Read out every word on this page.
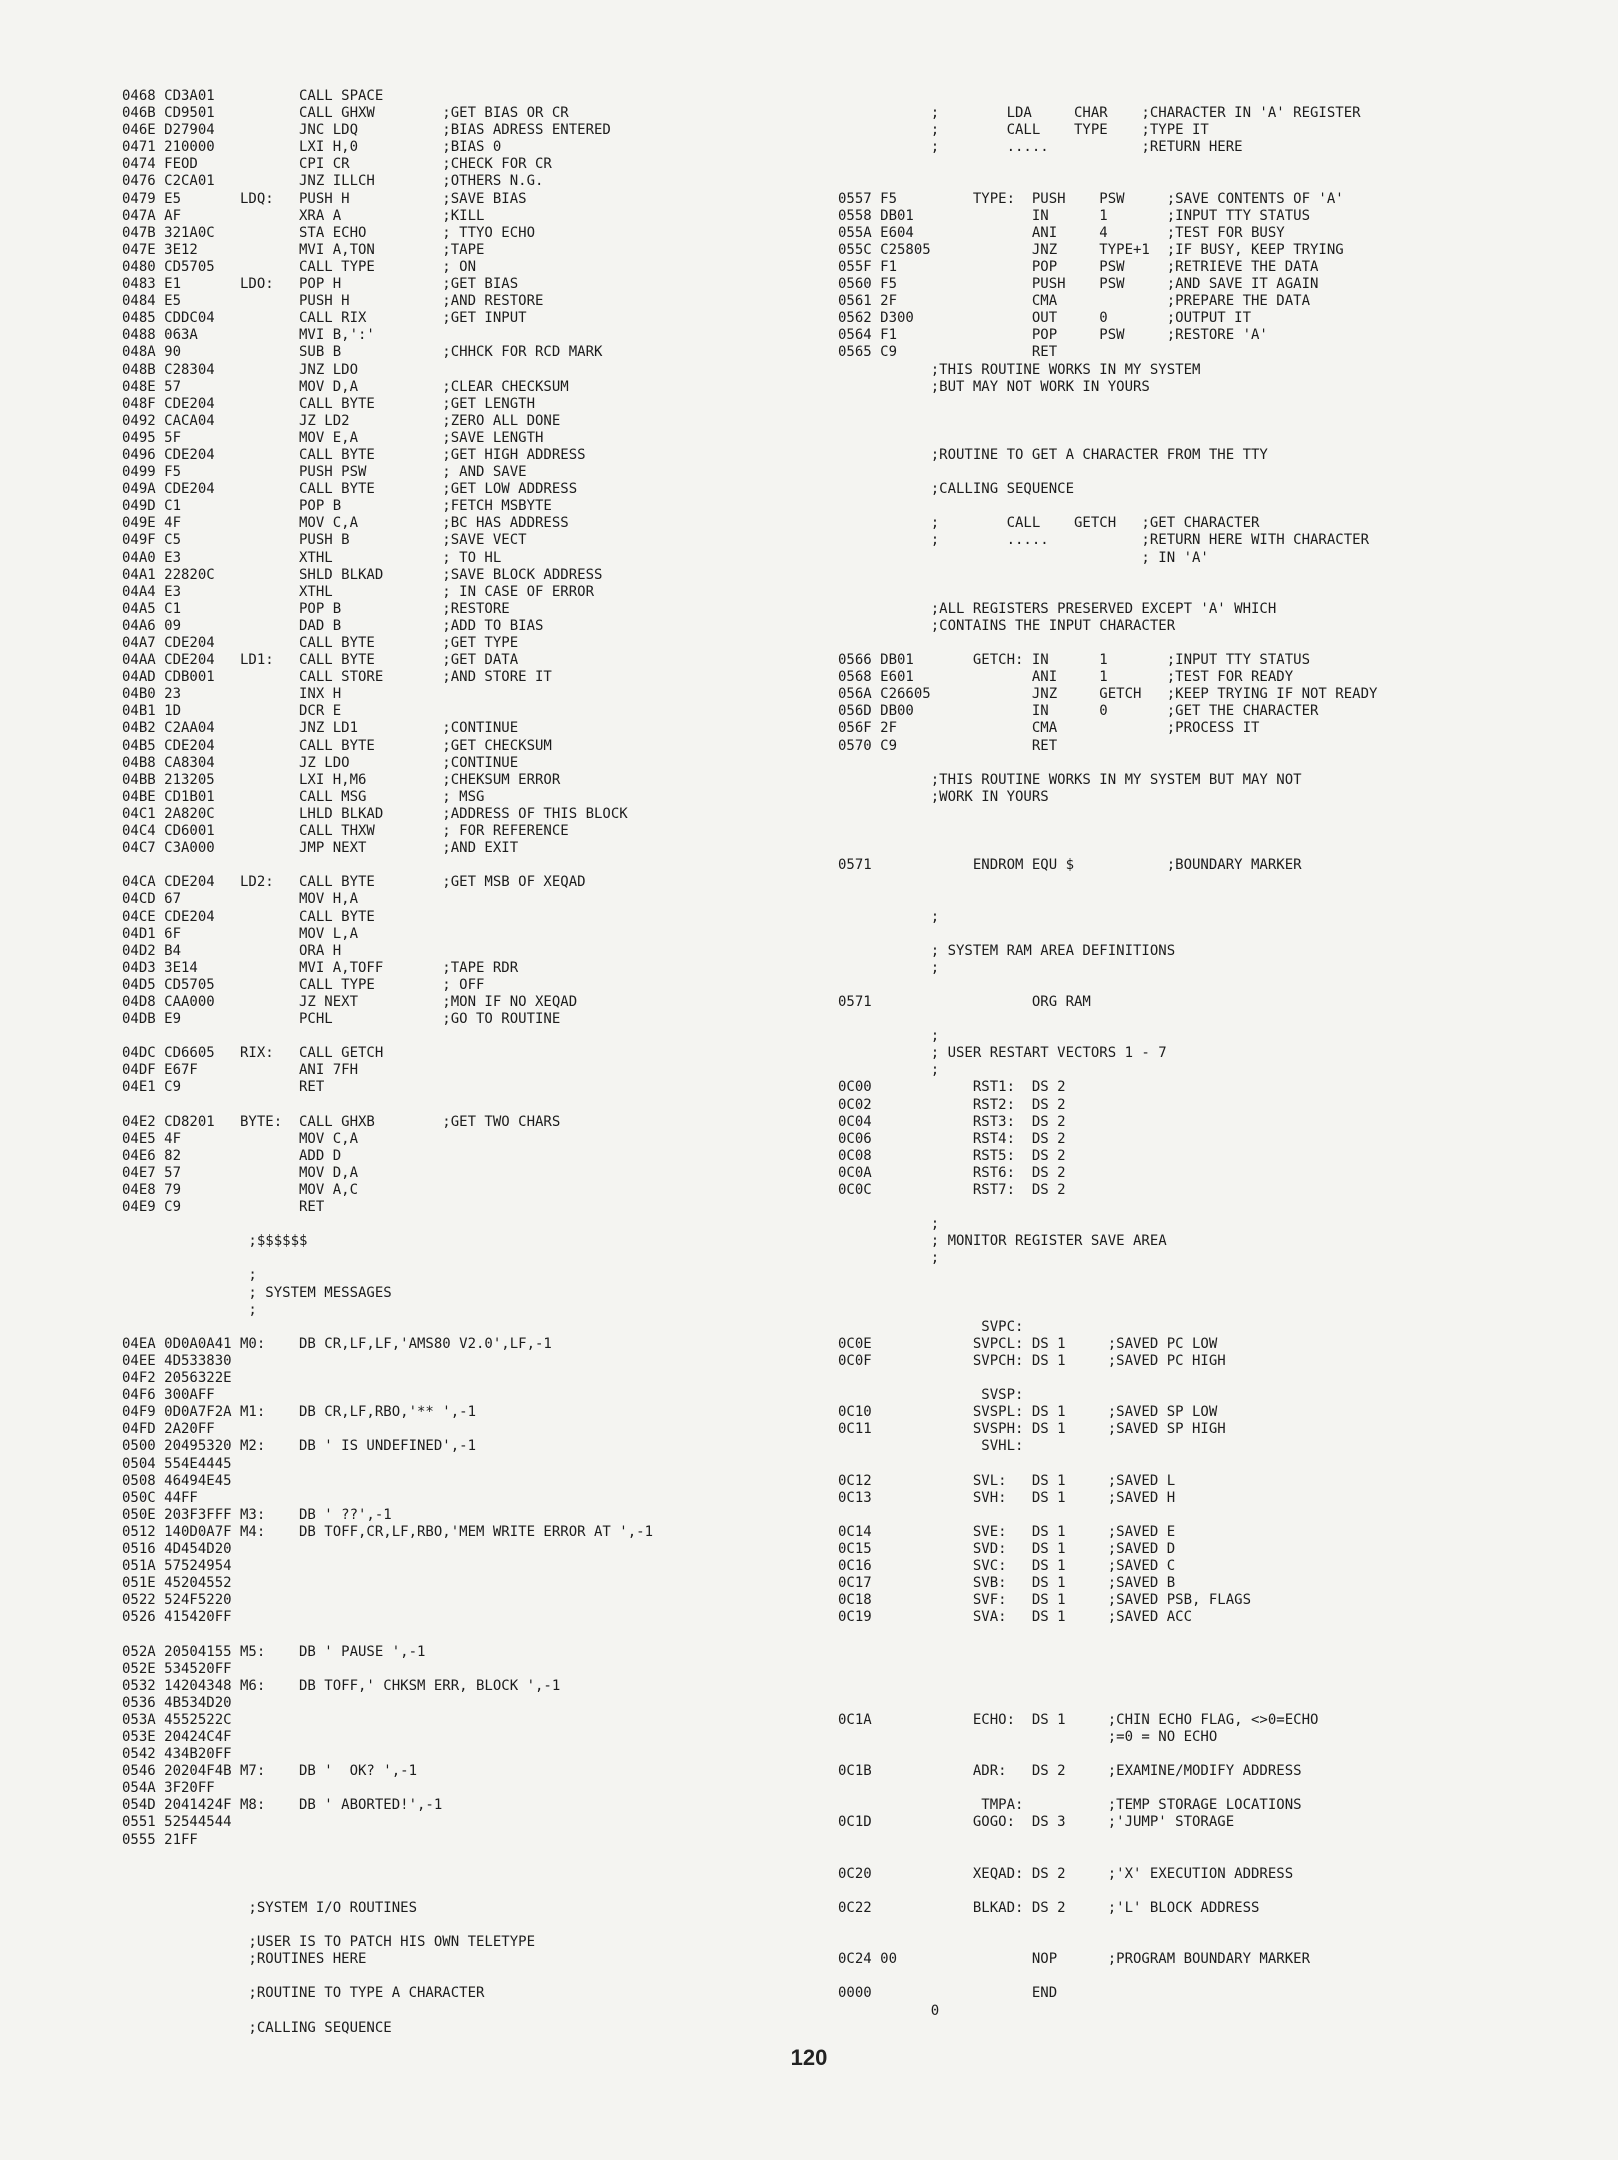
0468 CD3A01          CALL SPACE
046B CD9501          CALL GHXW        ;GET BIAS OR CR
046E D27904          JNC LDQ          ;BIAS ADRESS ENTERED
0471 210000          LXI H,0          ;BIAS 0
0474 FEOD            CPI CR           ;CHECK FOR CR
0476 C2CA01          JNZ ILLCH        ;OTHERS N.G.
0479 E5       LDQ:   PUSH H           ;SAVE BIAS
047A AF              XRA A            ;KILL
047B 321A0C          STA ECHO         ; TTYO ECHO
047E 3E12            MVI A,TON        ;TAPE
0480 CD5705          CALL TYPE        ; ON
0483 E1       LDO:   POP H            ;GET BIAS
0484 E5              PUSH H           ;AND RESTORE
0485 CDDC04          CALL RIX         ;GET INPUT
0488 063A            MVI B,':'
048A 90              SUB B            ;CHHCK FOR RCD MARK
048B C28304          JNZ LDO
048E 57              MOV D,A          ;CLEAR CHECKSUM
048F CDE204          CALL BYTE        ;GET LENGTH
0492 CACA04          JZ LD2           ;ZERO ALL DONE
0495 5F              MOV E,A          ;SAVE LENGTH
0496 CDE204          CALL BYTE        ;GET HIGH ADDRESS
0499 F5              PUSH PSW         ; AND SAVE
049A CDE204          CALL BYTE        ;GET LOW ADDRESS
049D C1              POP B            ;FETCH MSBYTE
049E 4F              MOV C,A          ;BC HAS ADDRESS
049F C5              PUSH B           ;SAVE VECT
04A0 E3              XTHL             ; TO HL
04A1 22820C          SHLD BLKAD       ;SAVE BLOCK ADDRESS
04A4 E3              XTHL             ; IN CASE OF ERROR
04A5 C1              POP B            ;RESTORE
04A6 09              DAD B            ;ADD TO BIAS
04A7 CDE204          CALL BYTE        ;GET TYPE
04AA CDE204   LD1:   CALL BYTE        ;GET DATA
04AD CDB001          CALL STORE       ;AND STORE IT
04B0 23              INX H
04B1 1D              DCR E
04B2 C2AA04          JNZ LD1          ;CONTINUE
04B5 CDE204          CALL BYTE        ;GET CHECKSUM
04B8 CA8304          JZ LDO           ;CONTINUE
04BB 213205          LXI H,M6         ;CHEKSUM ERROR
04BE CD1B01          CALL MSG         ; MSG
04C1 2A820C          LHLD BLKAD       ;ADDRESS OF THIS BLOCK
04C4 CD6001          CALL THXW        ; FOR REFERENCE
04C7 C3A000          JMP NEXT         ;AND EXIT
04CA CDE204   LD2:   CALL BYTE        ;GET MSB OF XEQAD
04CD 67              MOV H,A
04CE CDE204          CALL BYTE
04D1 6F              MOV L,A
04D2 B4              ORA H
04D3 3E14            MVI A,TOFF       ;TAPE RDR
04D5 CD5705          CALL TYPE        ; OFF
04D8 CAA000          JZ NEXT          ;MON IF NO XEQAD
04DB E9              PCHL             ;GO TO ROUTINE
04DC CD6605   RIX:   CALL GETCH
04DF E67F            ANI 7FH
04E1 C9              RET
04E2 CD8201   BYTE:  CALL GHXB        ;GET TWO CHARS
04E5 4F              MOV C,A
04E6 82              ADD D
04E7 57              MOV D,A
04E8 79              MOV A,C
04E9 C9              RET
;$$$$$$
;
; SYSTEM MESSAGES
;
04EA 0D0A0A41 M0:    DB CR,LF,LF,'AMS80 V2.0',LF,-1
04EE 4D533830
04F2 2056322E
04F6 300AFF
04F9 0D0A7F2A M1:    DB CR,LF,RBO,'** ',-1
04FD 2A20FF
0500 20495320 M2:    DB ' IS UNDEFINED',-1
0504 554E4445
0508 46494E45
050C 44FF
050E 203F3FFF M3:    DB ' ??',-1
0512 140D0A7F M4:    DB TOFF,CR,LF,RBO,'MEM WRITE ERROR AT ',-1
0516 4D454D20
051A 57524954
051E 45204552
0522 524F5220
0526 415420FF
052A 20504155 M5:    DB ' PAUSE ',-1
052E 534520FF
0532 14204348 M6:    DB TOFF,' CHKSM ERR, BLOCK ',-1
0536 4B534D20
053A 4552522C
053E 20424C4F
0542 434B20FF
0546 20204F4B M7:    DB '  OK? ',-1
054A 3F20FF
054D 2041424F M8:    DB ' ABORTED!',-1
0551 52544544
0555 21FF
;SYSTEM I/O ROUTINES
;USER IS TO PATCH HIS OWN TELETYPE
;ROUTINES HERE
;ROUTINE TO TYPE A CHARACTER
;CALLING SEQUENCE
;        LDA     CHAR    ;CHARACTER IN 'A' REGISTER
;        CALL    TYPE    ;TYPE IT
;        .....           ;RETURN HERE
0557 F5         TYPE:  PUSH    PSW     ;SAVE CONTENTS OF 'A'
0558 DB01              IN      1       ;INPUT TTY STATUS
055A E604              ANI     4       ;TEST FOR BUSY
055C C25805            JNZ     TYPE+1  ;IF BUSY, KEEP TRYING
055F F1                POP     PSW     ;RETRIEVE THE DATA
0560 F5                PUSH    PSW     ;AND SAVE IT AGAIN
0561 2F                CMA             ;PREPARE THE DATA
0562 D300              OUT     0       ;OUTPUT IT
0564 F1                POP     PSW     ;RESTORE 'A'
0565 C9                RET
;THIS ROUTINE WORKS IN MY SYSTEM
;BUT MAY NOT WORK IN YOURS
;ROUTINE TO GET A CHARACTER FROM THE TTY
;CALLING SEQUENCE
;        CALL    GETCH   ;GET CHARACTER
;        .....           ;RETURN HERE WITH CHARACTER
; IN 'A'
;ALL REGISTERS PRESERVED EXCEPT 'A' WHICH
;CONTAINS THE INPUT CHARACTER
0566 DB01       GETCH: IN      1       ;INPUT TTY STATUS
0568 E601              ANI     1       ;TEST FOR READY
056A C26605            JNZ     GETCH   ;KEEP TRYING IF NOT READY
056D DB00              IN      0       ;GET THE CHARACTER
056F 2F                CMA             ;PROCESS IT
0570 C9                RET
;THIS ROUTINE WORKS IN MY SYSTEM BUT MAY NOT
;WORK IN YOURS
0571            ENDROM EQU $           ;BOUNDARY MARKER
;
; SYSTEM RAM AREA DEFINITIONS
;
0571                   ORG RAM
;
; USER RESTART VECTORS 1 - 7
;
0C00            RST1:  DS 2
0C02            RST2:  DS 2
0C04            RST3:  DS 2
0C06            RST4:  DS 2
0C08            RST5:  DS 2
0C0A            RST6:  DS 2
0C0C            RST7:  DS 2
;
; MONITOR REGISTER SAVE AREA
;
SVPC:
0C0E            SVPCL: DS 1     ;SAVED PC LOW
0C0F            SVPCH: DS 1     ;SAVED PC HIGH
SVSP:
0C10            SVSPL: DS 1     ;SAVED SP LOW
0C11            SVSPH: DS 1     ;SAVED SP HIGH
SVHL:
0C12            SVL:   DS 1     ;SAVED L
0C13            SVH:   DS 1     ;SAVED H
0C14            SVE:   DS 1     ;SAVED E
0C15            SVD:   DS 1     ;SAVED D
0C16            SVC:   DS 1     ;SAVED C
0C17            SVB:   DS 1     ;SAVED B
0C18            SVF:   DS 1     ;SAVED PSB, FLAGS
0C19            SVA:   DS 1     ;SAVED ACC
0C1A            ECHO:  DS 1     ;CHIN ECHO FLAG, <>0=ECHO
;=0 = NO ECHO
0C1B            ADR:   DS 2     ;EXAMINE/MODIFY ADDRESS
TMPA:          ;TEMP STORAGE LOCATIONS
0C1D            GOGO:  DS 3     ;'JUMP' STORAGE
0C20            XEQAD: DS 2     ;'X' EXECUTION ADDRESS
0C22            BLKAD: DS 2     ;'L' BLOCK ADDRESS
0C24 00                NOP      ;PROGRAM BOUNDARY MARKER
0000                   END
0
120
